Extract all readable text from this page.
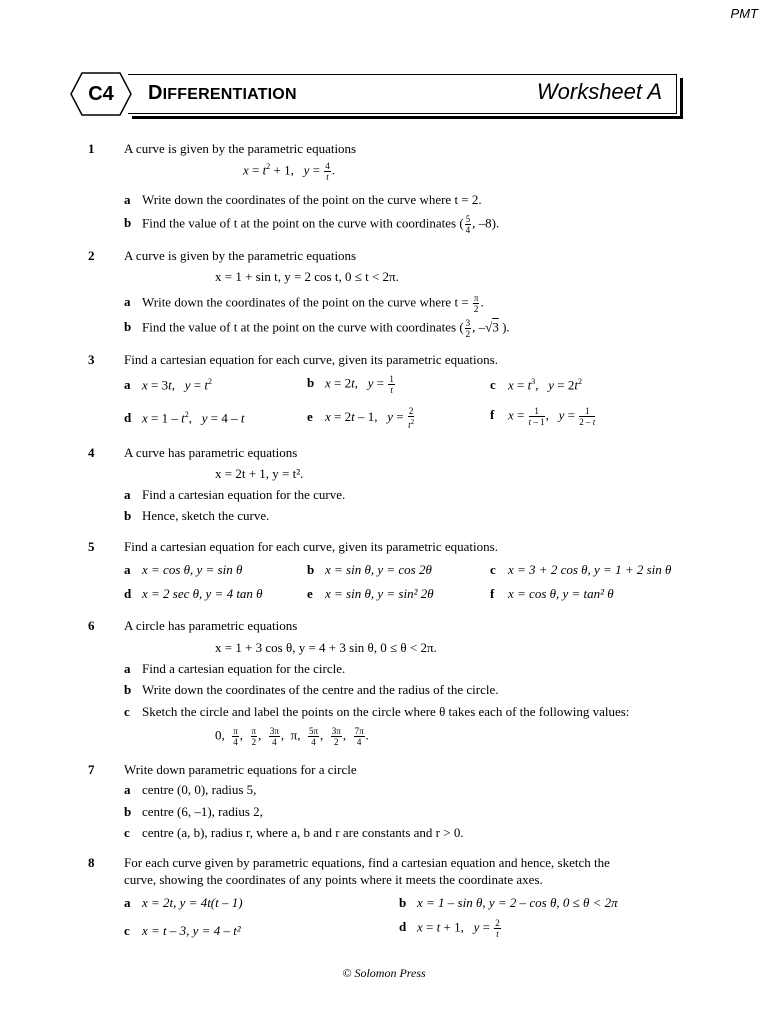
PMT
C4	DIFFERENTIATION	Worksheet A
1 A curve is given by the parametric equations
$x = t^2 + 1$,   $y = \frac{4}{t}$ .
a Write down the coordinates of the point on the curve where t = 2.
b Find the value of t at the point on the curve with coordinates ( $\frac{5}{4}$ , –8).
2 A curve is given by the parametric equations
x = 1 + sin t, y = 2 cos t, 0 ≤ t < 2π.
a Write down the coordinates of the point on the curve where $t = \frac{\pi}{2}$ .
b Find the value of t at the point on the curve with coordinates ( $\frac{3}{2}$ , –√3 ).
3 Find a cartesian equation for each curve, given its parametric equations.
a x = 3t,   $y = t^2$	b x = 2t,   $y = \frac{1}{t}$	c $x = t^3$,   $y = 2t^2$
d $x = 1 - t^2$,   y = 4 – t	e x = 2t – 1,   $y = \frac{2}{t^2}$	f $x = \frac{1}{t - 1}$ ,   $y = \frac{1}{2 - t}$
4 A curve has parametric equations
x = 2t + 1, y = t².
a Find a cartesian equation for the curve.
b Hence, sketch the curve.
5 Find a cartesian equation for each curve, given its parametric equations.
a x = cos θ, y = sin θ	b x = sin θ, y = cos 2θ	c x = 3 + 2 cos θ, y = 1 + 2 sin θ
d x = 2 sec θ, y = 4 tan θ	e x = sin θ, y = sin² 2θ	f x = cos θ, y = tan² θ
6 A circle has parametric equations
x = 1 + 3 cos θ, y = 4 + 3 sin θ, 0 ≤ θ < 2π.
a Find a cartesian equation for the circle.
b Write down the coordinates of the centre and the radius of the circle.
c Sketch the circle and label the points on the circle where θ takes each of the following values:
0, $\frac{\pi}{4}$ , $\frac{\pi}{2}$ , $\frac{3\pi}{4}$ ,  π, $\frac{5\pi}{4}$ , $\frac{3\pi}{2}$ , $\frac{7\pi}{4}$ .
7 Write down parametric equations for a circle
a centre (0, 0), radius 5,
b centre (6, –1), radius 2,
c centre (a, b), radius r, where a, b and r are constants and r > 0.
8 For each curve given by parametric equations, find a cartesian equation and hence, sketch the
curve, showing the coordinates of any points where it meets the coordinate axes.
a x = 2t, y = 4t(t – 1)	b x = 1 – sin θ, y = 2 – cos θ, 0 ≤ θ < 2π
c x = t – 3, y = 4 – t²	d x = t + 1,   $y = \frac{2}{t}$
© Solomon Press
